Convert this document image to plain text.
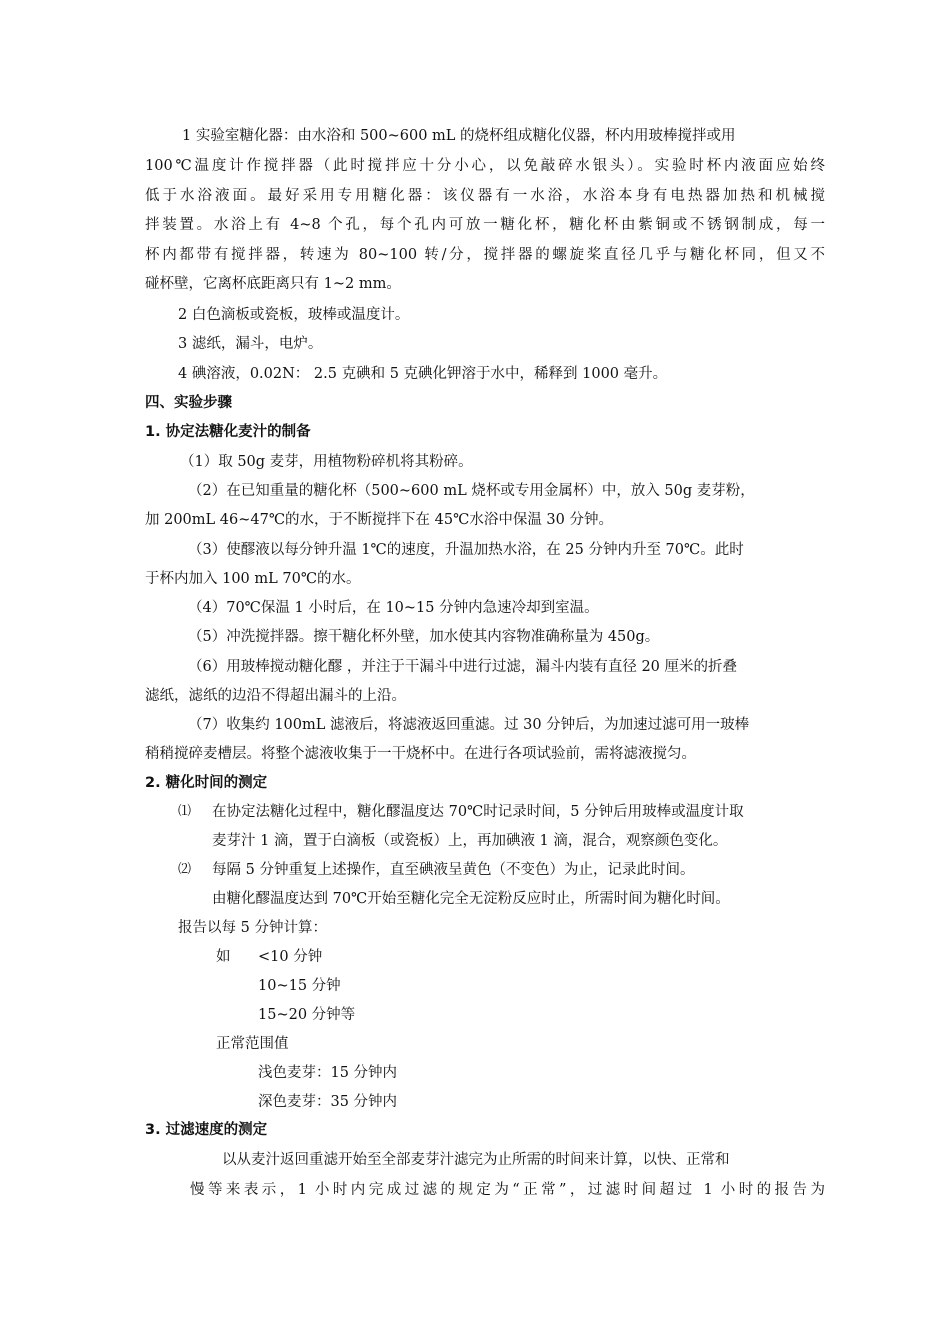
1 实验室糖化器：由水浴和 500~600 mL 的烧杯组成糖化仪器，杯内用玻棒搅拌或用
100℃温度计作搅拌器（此时搅拌应十分小心，以免敲碎水银头）。实验时杯内液面应始终
低于水浴液面。最好采用专用糖化器：该仪器有一水浴，水浴本身有电热器加热和机械搅
拌装置。水浴上有 4~8 个孔，每个孔内可放一糖化杯，糖化杯由紫铜或不锈钢制成，每一
杯内都带有搅拌器，转速为 80~100 转/分，搅拌器的螺旋桨直径几乎与糖化杯同，但又不
碰杯壁，它离杯底距离只有 1~2 mm。
2 白色滴板或瓷板，玻棒或温度计。
3 滤纸，漏斗，电炉。
4 碘溶液，0.02N： 2.5 克碘和 5 克碘化钾溶于水中，稀释到 1000 毫升。
四、实验步骤
1. 协定法糖化麦汁的制备
（1）取 50g 麦芽，用植物粉碎机将其粉碎。
（2）在已知重量的糖化杯（500~600 mL 烧杯或专用金属杯）中，放入 50g 麦芽粉，
加 200mL 46~47℃的水，于不断搅拌下在 45℃水浴中保温 30 分钟。
（3）使醪液以每分钟升温 1℃的速度，升温加热水浴，在 25 分钟内升至 70℃。此时
于杯内加入 100 mL 70℃的水。
（4）70℃保温 1 小时后，在 10~15 分钟内急速冷却到室温。
（5）冲洗搅拌器。擦干糖化杯外壁，加水使其内容物准确称量为 450g。
（6）用玻棒搅动糖化醪 ，并注于干漏斗中进行过滤，漏斗内装有直径 20 厘米的折叠
滤纸，滤纸的边沿不得超出漏斗的上沿。
（7）收集约 100mL 滤液后，将滤液返回重滤。过 30 分钟后，为加速过滤可用一玻棒
稍稍搅碎麦槽层。将整个滤液收集于一干烧杯中。在进行各项试验前，需将滤液搅匀。
2. 糖化时间的测定
⑴ 在协定法糖化过程中，糖化醪温度达 70℃时记录时间，5 分钟后用玻棒或温度计取
麦芽汁 1 滴，置于白滴板（或瓷板）上，再加碘液 1 滴，混合，观察颜色变化。
⑵ 每隔 5 分钟重复上述操作，直至碘液呈黄色（不变色）为止，记录此时间。
由糖化醪温度达到 70℃开始至糖化完全无淀粉反应时止，所需时间为糖化时间。
报告以每 5 分钟计算：
如 <10 分钟
10~15 分钟
15~20 分钟等
正常范围值
浅色麦芽：15 分钟内
深色麦芽：35 分钟内
3. 过滤速度的测定
以从麦汁返回重滤开始至全部麦芽汁滤完为止所需的时间来计算，以快、正常和
慢等来表示，1 小时内完成过滤的规定为“正常”，过滤时间超过 1 小时的报告为
